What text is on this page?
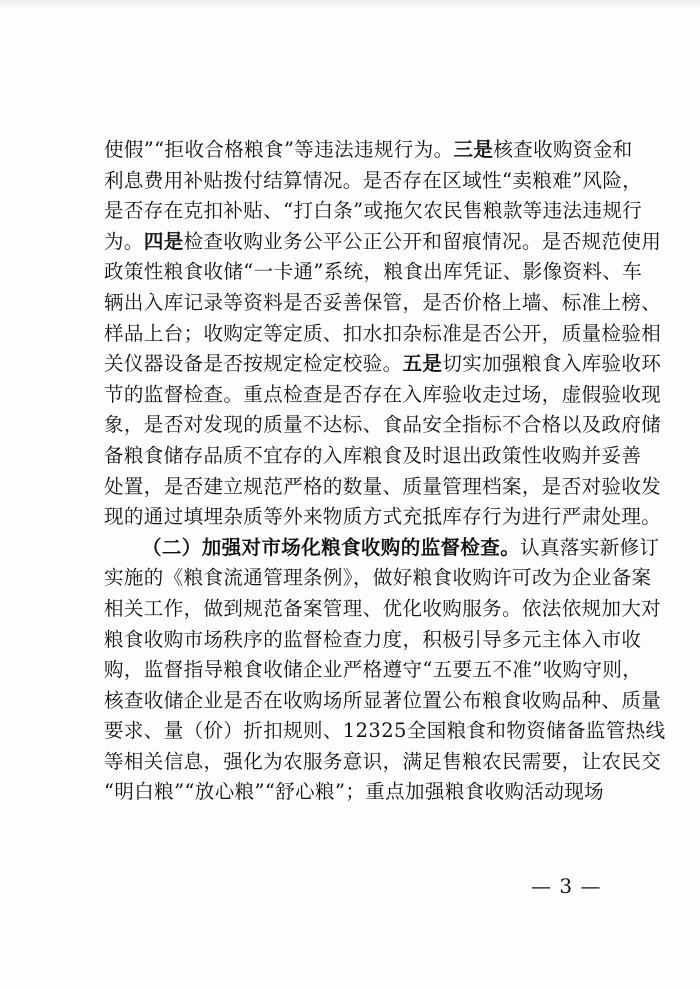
使假”“拒收合格粮食”等违法违规行为。三是核查收购资金和
利息费用补贴拨付结算情况。是否存在区域性“卖粮难”风险，
是否存在克扣补贴、“打白条”或拖欠农民售粮款等违法违规行
为。四是检查收购业务公平公正公开和留痕情况。是否规范使用
政策性粮食收储“一卡通”系统，粮食出库凭证、影像资料、车
辆出入库记录等资料是否妥善保管，是否价格上墙、标准上榜、
样品上台；收购定等定质、扣水扣杂标准是否公开，质量检验相
关仪器设备是否按规定检定校验。五是切实加强粮食入库验收环
节的监督检查。重点检查是否存在入库验收走过场，虚假验收现
象，是否对发现的质量不达标、食品安全指标不合格以及政府储
备粮食储存品质不宜存的入库粮食及时退出政策性收购并妥善
处置，是否建立规范严格的数量、质量管理档案，是否对验收发
现的通过填埋杂质等外来物质方式充抵库存行为进行严肃处理。
（二）加强对市场化粮食收购的监督检查。认真落实新修订
实施的《粮食流通管理条例》，做好粮食收购许可改为企业备案
相关工作，做到规范备案管理、优化收购服务。依法依规加大对
粮食收购市场秩序的监督检查力度，积极引导多元主体入市收
购，监督指导粮食收储企业严格遵守“五要五不准”收购守则，
核查收储企业是否在收购场所显著位置公布粮食收购品种、质量
要求、量（价）折扣规则、12325全国粮食和物资储备监管热线
等相关信息，强化为农服务意识，满足售粮农民需要，让农民交
“明白粮”“放心粮”“舒心粮”；重点加强粮食收购活动现场
— 3 —
